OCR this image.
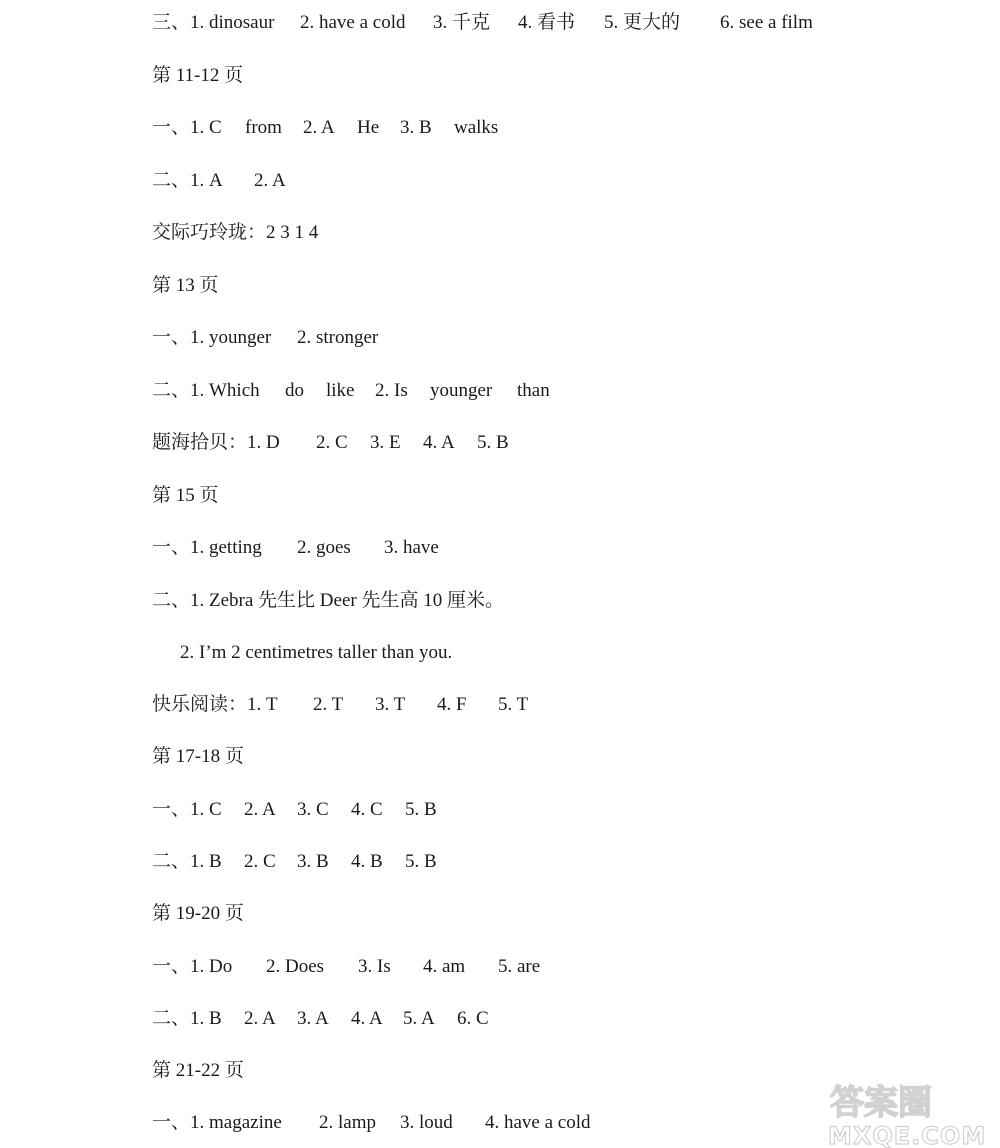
三、1. dinosaur 2. have a cold 3. 千克 4. 看书 5. 更大的 6. see a film
第 11-12 页
一、1. C from 2. A He 3. B walks
二、1. A 2. A
交际巧玲珑：2 3 1 4
第 13 页
一、1. younger 2. stronger
二、1. Which do like 2. Is younger than
题海拾贝：1. D 2. C 3. E 4. A 5. B
第 15 页
一、1. getting 2. goes 3. have
二、1. Zebra 先生比 Deer 先生高 10 厘米。
2. I’m 2 centimetres taller than you.
快乐阅读：1. T 2. T 3. T 4. F 5. T
第 17-18 页
一、1. C 2. A 3. C 4. C 5. B
二、1. B 2. C 3. B 4. B 5. B
第 19-20 页
一、1. Do 2. Does 3. Is 4. am 5. are
二、1. B 2. A 3. A 4. A 5. A 6. C
第 21-22 页
一、1. magazine 2. lamp 3. loud 4. have a cold	答案圈
MXQE.COM
